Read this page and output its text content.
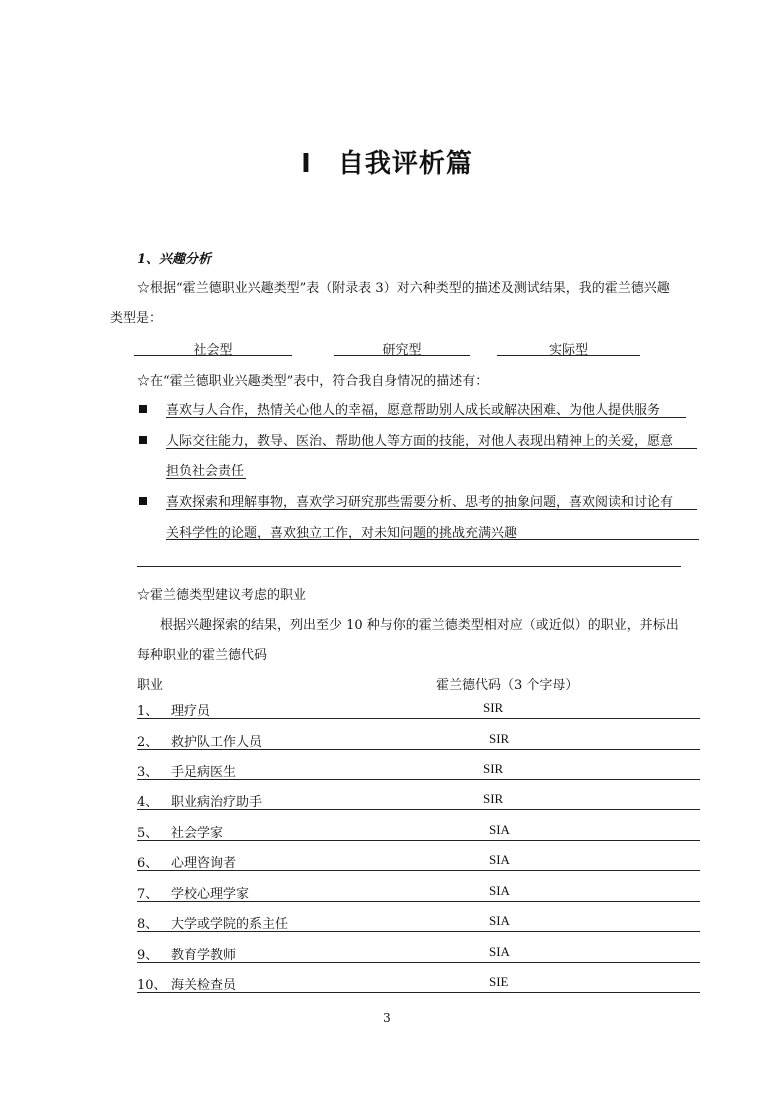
I 自我评析篇
1、兴趣分析
☆根据“霍兰德职业兴趣类型”表（附录表 3）对六种类型的描述及测试结果，我的霍兰德兴趣
类型是：
社会型	研究型	实际型
☆在“霍兰德职业兴趣类型”表中，符合我自身情况的描述有：
喜欢与人合作，热情关心他人的幸福，愿意帮助别人成长或解决困难、为他人提供服务
人际交往能力，教导、医治、帮助他人等方面的技能，对他人表现出精神上的关爱，愿意
担负社会责任
喜欢探索和理解事物，喜欢学习研究那些需要分析、思考的抽象问题，喜欢阅读和讨论有
关科学性的论题，喜欢独立工作，对未知问题的挑战充满兴趣
☆霍兰德类型建议考虑的职业
根据兴趣探索的结果，列出至少 10 种与你的霍兰德类型相对应（或近似）的职业，并标出
每种职业的霍兰德代码
职业	霍兰德代码（3 个字母）
1、 理疗员	SIR
2、 救护队工作人员	SIR
3、 手足病医生	SIR
4、 职业病治疗助手	SIR
5、 社会学家	SIA
6、 心理咨询者	SIA
7、 学校心理学家	SIA
8、 大学或学院的系主任	SIA
9、 教育学教师	SIA
10、 海关检查员	SIE
3
